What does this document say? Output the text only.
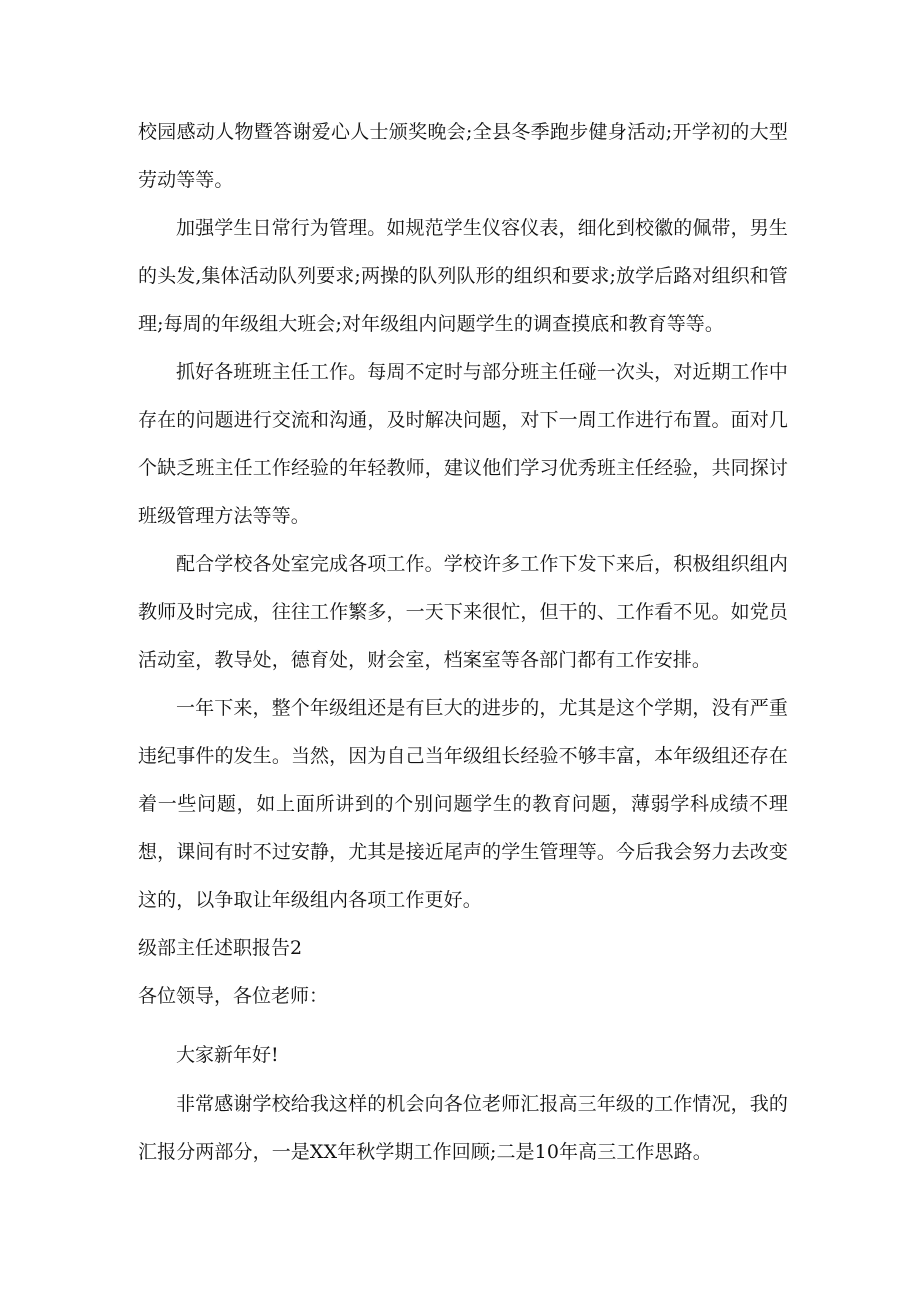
校园感动人物暨答谢爱心人士颁奖晚会;全县冬季跑步健身活动;开学初的大型劳动等等。

加强学生日常行为管理。如规范学生仪容仪表，细化到校徽的佩带，男生的头发,集体活动队列要求;两操的队列队形的组织和要求;放学后路对组织和管理;每周的年级组大班会;对年级组内问题学生的调查摸底和教育等等。

抓好各班班主任工作。每周不定时与部分班主任碰一次头，对近期工作中存在的问题进行交流和沟通，及时解决问题，对下一周工作进行布置。面对几个缺乏班主任工作经验的年轻教师，建议他们学习优秀班主任经验，共同探讨班级管理方法等等。

配合学校各处室完成各项工作。学校许多工作下发下来后，积极组织组内教师及时完成，往往工作繁多，一天下来很忙，但干的、工作看不见。如党员活动室，教导处，德育处，财会室，档案室等各部门都有工作安排。

一年下来，整个年级组还是有巨大的进步的，尤其是这个学期，没有严重违纪事件的发生。当然，因为自己当年级组长经验不够丰富，本年级组还存在着一些问题，如上面所讲到的个别问题学生的教育问题，薄弱学科成绩不理想，课间有时不过安静，尤其是接近尾声的学生管理等。今后我会努力去改变这的，以争取让年级组内各项工作更好。

级部主任述职报告2

各位领导，各位老师：

大家新年好!

非常感谢学校给我这样的机会向各位老师汇报高三年级的工作情况，我的汇报分两部分，一是XX年秋学期工作回顾;二是10年高三工作思路。
